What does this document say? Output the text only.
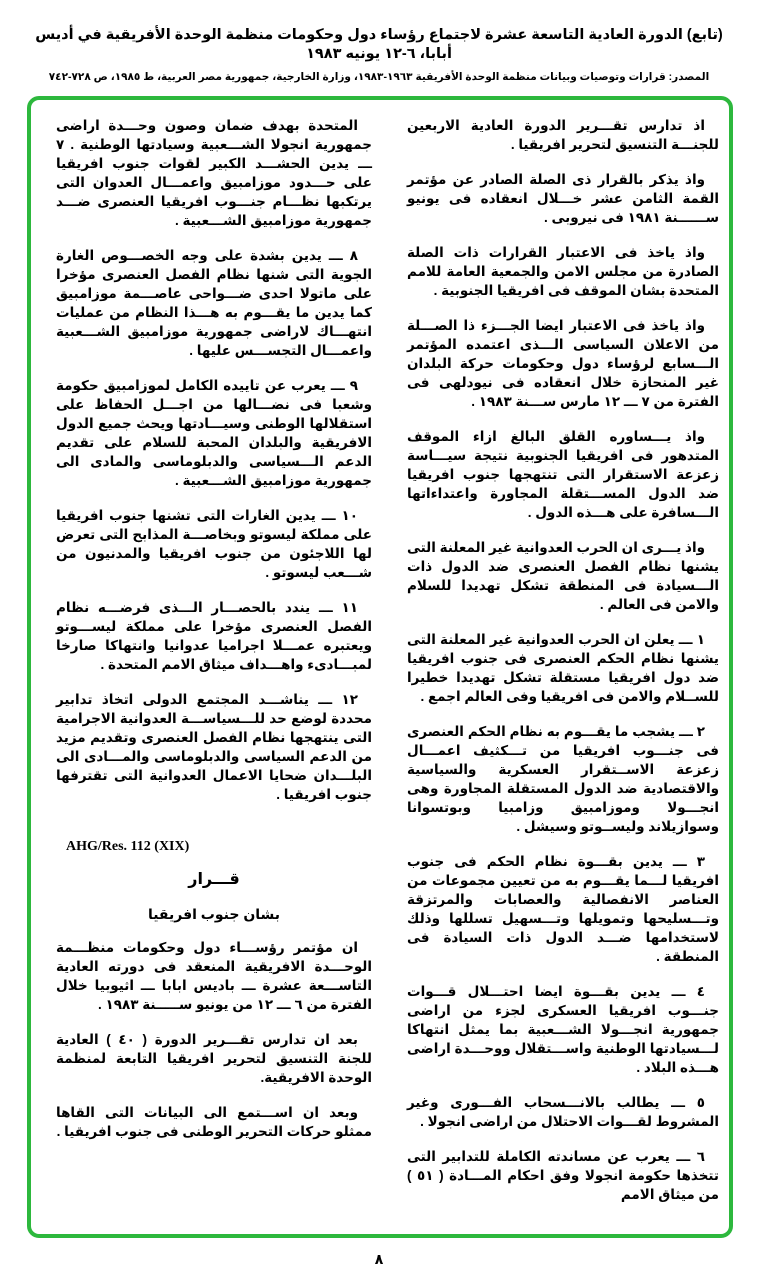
(تابع) الدورة العادية التاسعة عشرة لاجتماع رؤساء دول وحكومات منظمة الوحدة الأفريقية في أديس أبابا، ٦-١٢ يونيه ١٩٨٣
المصدر: قرارات وتوصيات وبيانات منظمة الوحدة الأفريقية ١٩٦٣-١٩٨٣، وزارة الخارجية، جمهورية مصر العربية، ط ١٩٨٥، ص ٧٢٨-٧٤٢
اذ تدارس تقـــرير الدورة العادية الاربعين للجنـــة التنسيق لتحرير افريقيا .
واذ يذكر بالقرار ذى الصلة الصادر عن مؤتمر القمة الثامن عشر خـــلال انعقاده فى يونيو ســــــنة ١٩٨١ فى نيروبى .
واذ ياخذ فى الاعتبار القرارات ذات الصلة الصادرة من مجلس الامن والجمعية العامة للامم المتحدة بشان الموقف فى افريقيا الجنوبية .
واذ ياخذ فى الاعتبار ايضا الجـــزء ذا الصـــلة من الاعلان السياسى الـــذى اعتمده المؤتمر الـــسابع لرؤساء دول وحكومات حركة البلدان غير المنحازة خلال انعقاده فى نيودلهى فى الفترة من ٧ ـــ ١٢ مارس ســـنة ١٩٨٣ .
واذ يـــساوره القلق البالغ ازاء الموقف المتدهور فى افريقيا الجنوبية نتيجة سيـــاسة زعزعة الاستقرار التى تنتهجها جنوب افريقيا ضد الدول المســـتقلة المجاورة واعتداءاتها الـــسافرة على هـــذه الدول .
واذ يـــرى ان الحرب العدوانية غير المعلنة التى يشنها نظام الفصل العنصرى ضد الدول ذات الـــسيادة فى المنطقة تشكل تهديدا للسلام والامن فى العالم .
١ ـــ يعلن ان الحرب العدوانية غير المعلنة التى يشنها نظام الحكم العنصرى فى جنوب افريقيا ضد دول افريقيا مستقلة تشكل تهديدا خطيرا للســلام والامن فى افريقيا وفى العالم اجمع .
٢ ـــ يشجب ما يقـــوم به نظام الحكم العنصرى فى جنـــوب افريقيا من تـــكثيف اعمـــال زعزعة الاســتقرار العسكرية والسياسية والاقتصادية ضد الدول المستقلة المجاورة وهى انجـــولا وموزامبيق وزامبيا وبوتسوانا وسوازيلاند وليســوتو وسيشل .
٣ ـــ يدين بقـــوة نظام الحكم فى جنوب افريقيا لـــما يقـــوم به من تعيين مجموعات من العناصر الانفصالية والعصابات والمرتزقة وتـــسليحها وتمويلها وتـــسهيل تسللها وذلك لاستخدامها ضـــد الدول ذات السيادة فى المنطقة .
٤ ـــ يدين بقـــوة ايضا احتـــلال قـــوات جنـــوب افريقيا العسكرى لجزء من اراضى جمهورية انجـــولا الشـــعبية بما يمثل انتهاكا لـــسيادتها الوطنية واســـتقلال ووحـــدة اراضى هـــذه البلاد .
٥ ـــ يطالب بالانـــسحاب الفـــورى وغير المشروط لقـــوات الاحتلال من اراضى انجولا .
٦ ـــ يعرب عن مساندته الكاملة للتدابير التى تتخذها حكومة انجولا وفق احكام المـــادة ( ٥١ ) من ميثاق الامم
المتحدة بهدف ضمان وصون وحـــدة اراضى جمهورية انجولا الشـــعبية وسيادتها الوطنية . ٧ ـــ يدين الحشـــد الكبير لقوات جنوب افريقيا على حـــدود موزامبيق واعمـــال العدوان التى يرتكبها نظـــام جنـــوب افريقيا العنصرى ضـــد جمهورية موزامبيق الشـــعبية .
٨ ـــ يدين بشدة على وجه الخصـــوص الغارة الجوية التى شنها نظام الفصل العنصرى مؤخرا على ماتولا احدى ضـــواحى عاصـــمة موزامبيق كما يدين ما يقـــوم به هـــذا النظام من عمليات انتهـــاك لاراضى جمهورية موزامبيق الشـــعبية واعمـــال التجســـس عليها .
٩ ـــ يعرب عن تاييده الكامل لموزامبيق حكومة وشعبا فى نضـــالها من اجـــل الحفاظ على استقلالها الوطنى وسيـــادتها ويحث جميع الدول الافريقية والبلدان المحبة للسلام على تقديم الدعم الـــسياسى والدبلوماسى والمادى الى جمهورية موزامبيق الشـــعبية .
١٠ ـــ يدين الغارات التى تشنها جنوب افريقيا على مملكة ليسوتو وبخاصـــة المذابح التى تعرض لها اللاجئون من جنوب افريقيا والمدنيون من شـــعب ليسوتو .
١١ ـــ يندد بالحصـــار الـــذى فرضـــه نظام الفصل العنصرى مؤخرا على مملكة ليســـوتو ويعتبره عمـــلا اجراميا عدوانيا وانتهاكا صارخا لمبـــادىء واهـــداف ميثاق الامم المتحدة .
١٢ ـــ يناشـــد المجتمع الدولى اتخاذ تدابير محددة لوضع حد للـــسياســـة العدوانية الاجرامية التى ينتهجها نظام الفصل العنصرى وتقديم مزيد من الدعم السياسى والدبلوماسى والمـــادى الى البلـــدان ضحايا الاعمال العدوانية التى تقترفها جنوب افريقيا .
AHG/Res. 112 (XIX)
قـــرار
بشان جنوب افريقيا
ان مؤتمر رؤســـاء دول وحكومات منظـــمة الوحـــدة الافريقية المنعقد فى دورته العادية التاســـعة عشرة ـــ باديس ابابا ـــ اثيوبيا خلال الفترة من ٦ ـــ ١٢ من يونيو ســـــنة ١٩٨٣ .
بعد ان تدارس تقـــرير الدورة ( ٤٠ ) العادية للجنة التنسيق لتحرير افريقيا التابعة لمنظمة الوحدة الافريقية.
وبعد ان اســـتمع الى البيانات التى القاها ممثلو حركات التحرير الوطنى فى جنوب افريقيا .
٨
